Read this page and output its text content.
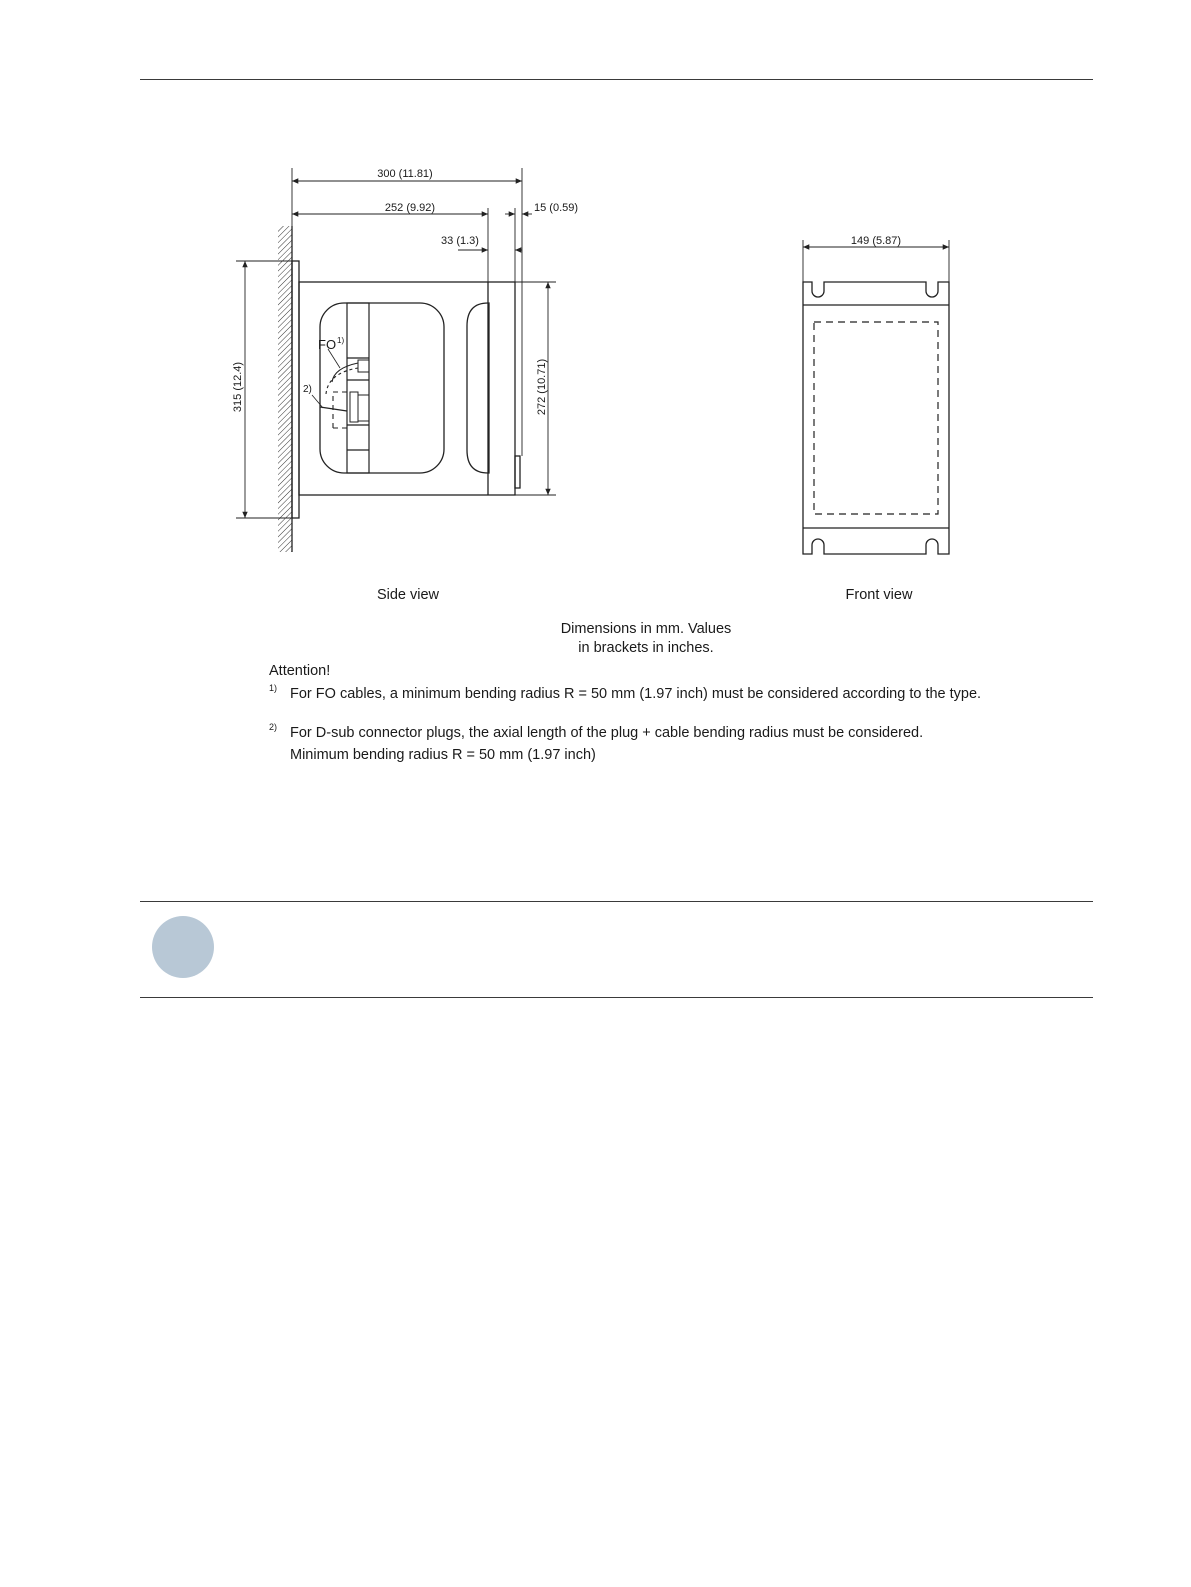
300 (11.81)
252 (9.92)	15 (0.59)
33 (1.3)
315 (12.4)	272 (10.71)
FO 1)
2)
149 (5.87)
Side view	Front view
Dimensions in mm. Values
in brackets in inches.
Attention!
1) For FO cables, a minimum bending radius R = 50 mm (1.97 inch) must be considered according to the type.
2) For D-sub connector plugs, the axial length of the plug + cable bending radius must be considered.
Minimum bending radius R = 50 mm (1.97 inch)
